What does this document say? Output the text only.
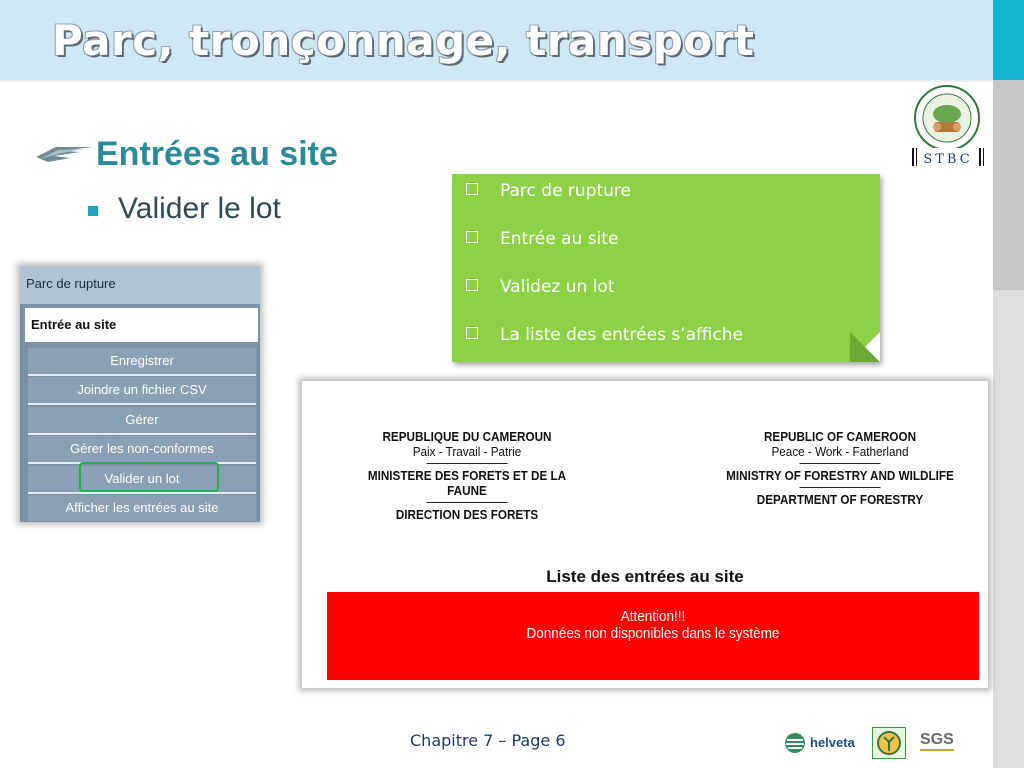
Parc, tronçonnage, transport
STBC
Entrées au site
Valider le lot
Parc de rupture
Entrée au site
Enregistrer
Joindre un fichier CSV
Gérer
Gérer les non-conformes
Valider un lot
Afficher les entrées au site
Parc de rupture
Entrée au site
Validez un lot
La liste des entrées s’affiche
REPUBLIQUE DU CAMEROUN
Paix - Travail - Patrie
MINISTERE DES FORETS ET DE LA FAUNE
DIRECTION DES FORETS
REPUBLIC OF CAMEROON
Peace - Work - Fatherland
MINISTRY OF FORESTRY AND WILDLIFE
DEPARTMENT OF FORESTRY
Liste des entrées au site
Attention!!!
Données non disponibles dans le système
Chapitre 7 – Page 6	helveta	SGS
